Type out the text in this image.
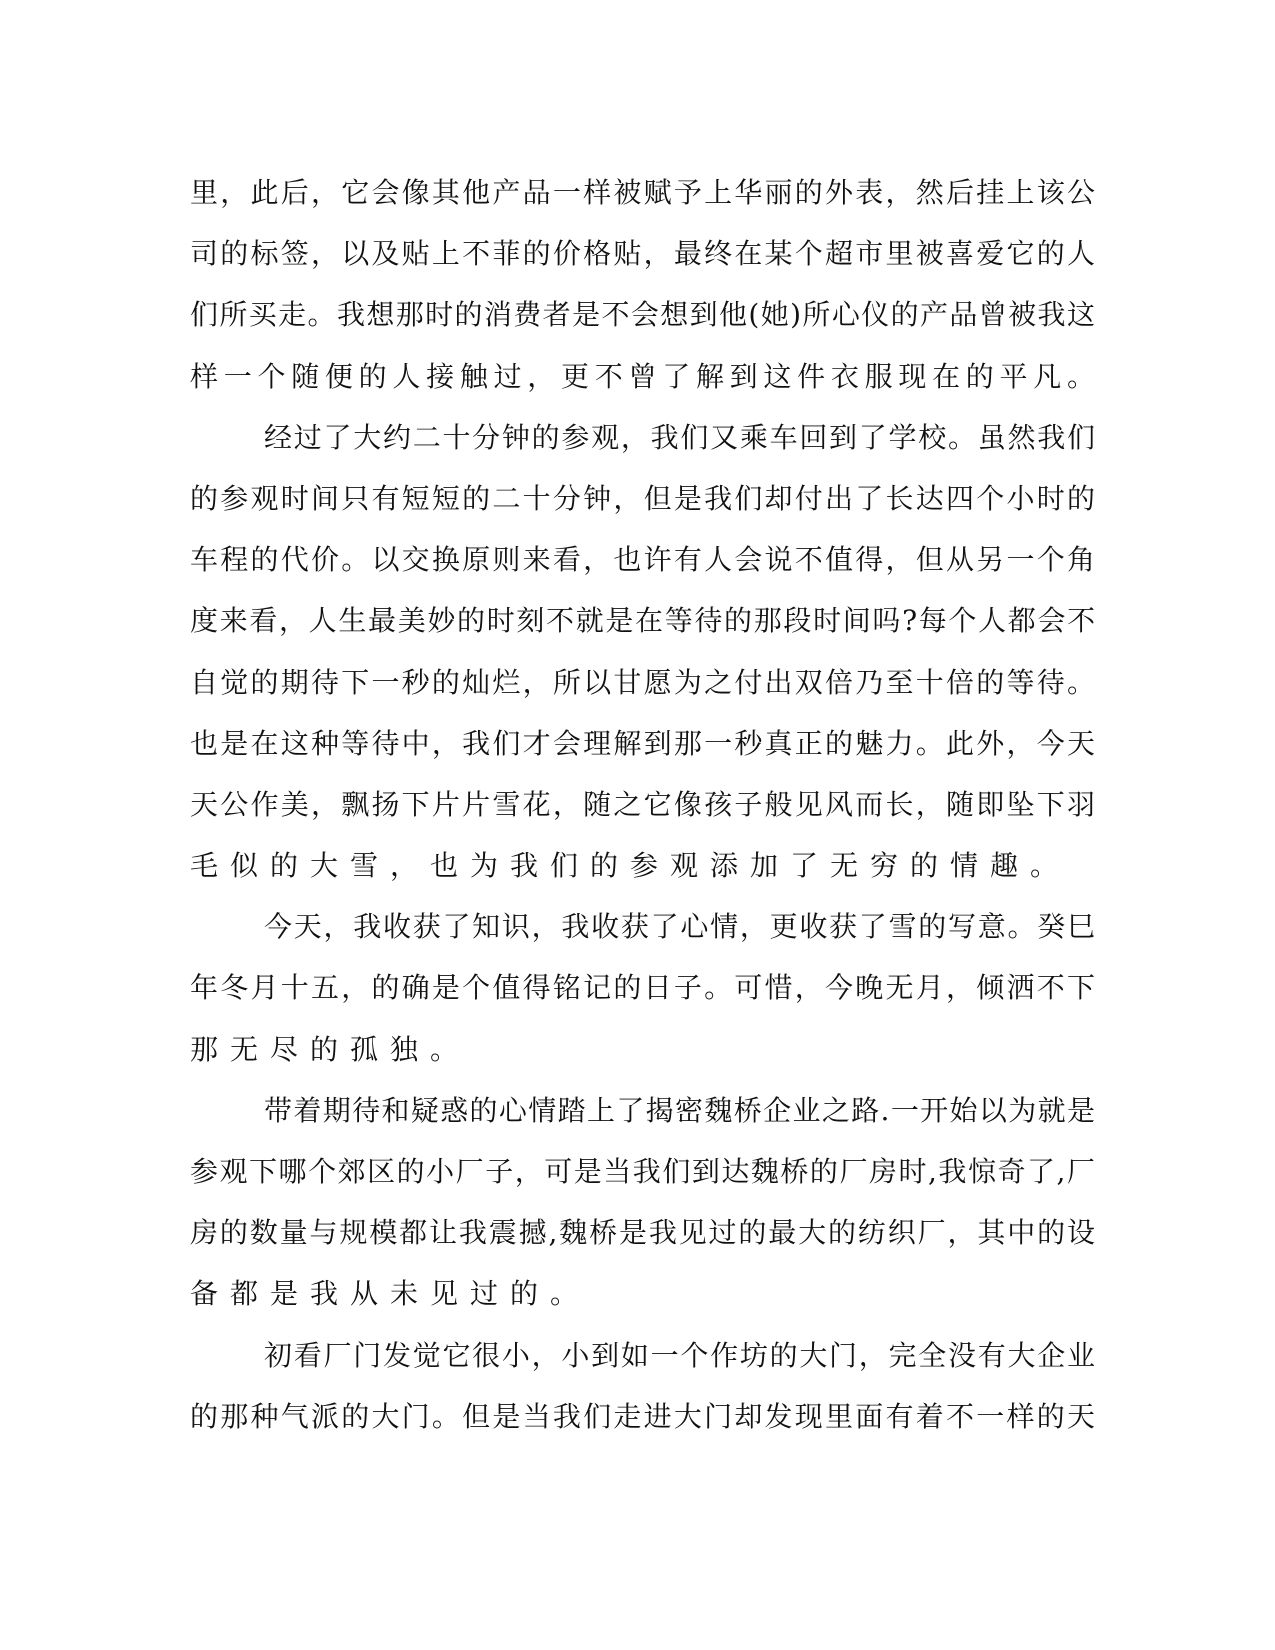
里，此后，它会像其他产品一样被赋予上华丽的外表，然后挂上该公
司的标签，以及贴上不菲的价格贴，最终在某个超市里被喜爱它的人
们所买走。我想那时的消费者是不会想到他(她)所心仪的产品曾被我这
样一个随便的人接触过，更不曾了解到这件衣服现在的平凡。
经过了大约二十分钟的参观，我们又乘车回到了学校。虽然我们
的参观时间只有短短的二十分钟，但是我们却付出了长达四个小时的
车程的代价。以交换原则来看，也许有人会说不值得，但从另一个角
度来看，人生最美妙的时刻不就是在等待的那段时间吗?每个人都会不
自觉的期待下一秒的灿烂，所以甘愿为之付出双倍乃至十倍的等待。
也是在这种等待中，我们才会理解到那一秒真正的魅力。此外，今天
天公作美，飘扬下片片雪花，随之它像孩子般见风而长，随即坠下羽
毛似的大雪，也为我们的参观添加了无穷的情趣。
今天，我收获了知识，我收获了心情，更收获了雪的写意。癸巳
年冬月十五，的确是个值得铭记的日子。可惜，今晚无月，倾洒不下
那无尽的孤独。
带着期待和疑惑的心情踏上了揭密魏桥企业之路.一开始以为就是
参观下哪个郊区的小厂子，可是当我们到达魏桥的厂房时,我惊奇了,厂
房的数量与规模都让我震撼,魏桥是我见过的最大的纺织厂，其中的设
备都是我从未见过的。
初看厂门发觉它很小，小到如一个作坊的大门，完全没有大企业
的那种气派的大门。但是当我们走进大门却发现里面有着不一样的天
